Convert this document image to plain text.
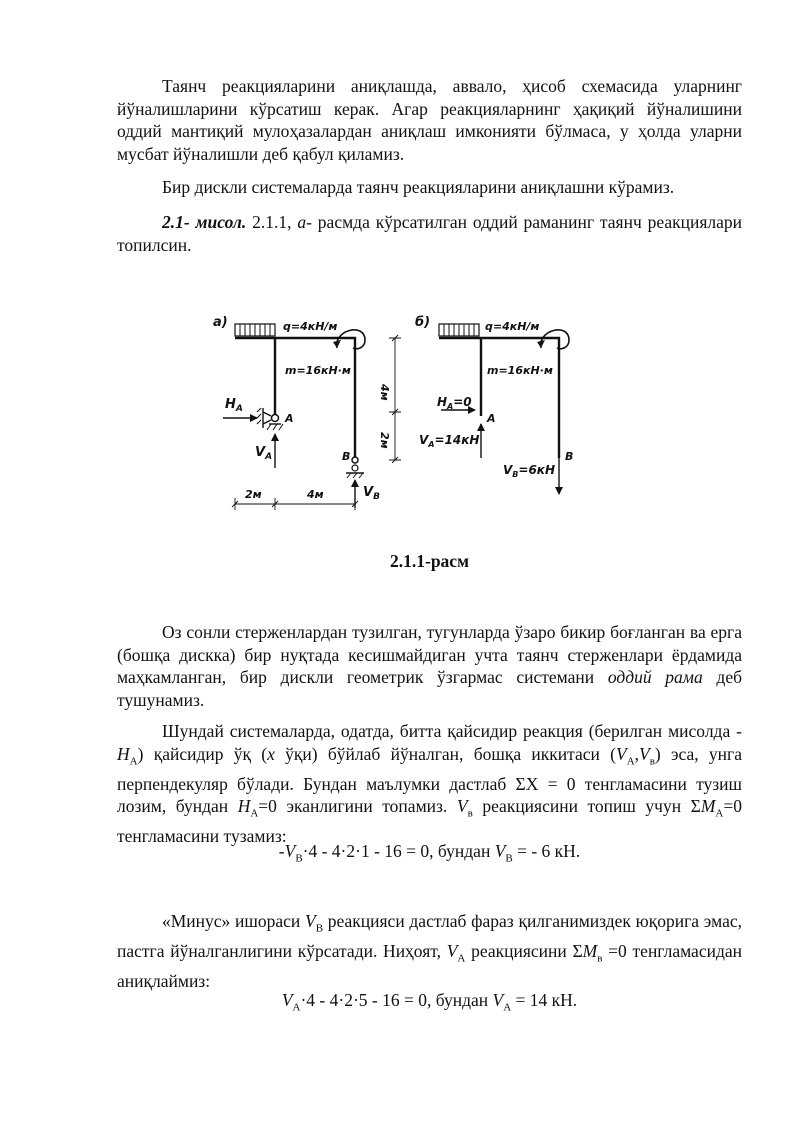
Таянч реакцияларини аниқлашда, аввало, ҳисоб схемасида уларнинг йўналишларини кўрсатиш керак. Агар реакцияларнинг ҳақиқий йўналишини оддий мантиқий мулоҳазалардан аниқлаш имконияти бўлмаса, у ҳолда уларни мусбат йўналишли деб қабул қиламиз.

Бир дискли системаларда таянч реакцияларини аниқлашни кўрамиз.

2.1- мисол. 2.1.1, а- расмда кўрсатилган оддий раманинг таянч реакциялари топилсин.

а)	q=4кН/м
m=16кН·м
A
$H_A$
$V_A$	B
$V_B$
4м
2м
2м	4м
б)	q=4кН/м
m=16кН·м
$H_A=0$
A
$V_A=14кН$
B
$V_B=6кН$

2.1.1-расм

Оз сонли стерженлардан тузилган, тугунларда ўзаро бикир боғланган ва ерга (бошқа дискка) бир нуқтада кесишмайдиган учта таянч стерженлари ёрдамида маҳкамланган, бир дискли геометрик ўзгармас системани оддий рама деб тушунамиз.

Шундай системаларда, одатда, битта қайсидир реакция (берилган мисолда - $H_A$) қайсидир ўқ (x ўқи) бўйлаб йўналган, бошқа иккитаси $(V_A,V_в)$ эса, унга перпендекуляр бўлади. Бундан маълумки дастлаб ΣX = 0 тенгламасини тузиш лозим, бундан $H_A=0$ эканлигини топамиз. $V_в$ реакциясини топиш учун $\Sigma M_A=0$ тенгламасини тузамиз:

$-V_B\cdot 4 - 4\cdot 2\cdot 1 - 16 = 0$, бундан $V_B$ = - 6 кН.

«Минус» ишораси $V_B$ реакцияси дастлаб фараз қилганимиздек юқорига эмас, пастга йўналганлигини кўрсатади. Ниҳоят, $V_A$ реакциясини $\Sigma M_в =0$ тенгламасидан аниқлаймиз:

$V_A\cdot 4 - 4\cdot 2\cdot 5 - 16 = 0$, бундан $V_A = 14$ кН.
